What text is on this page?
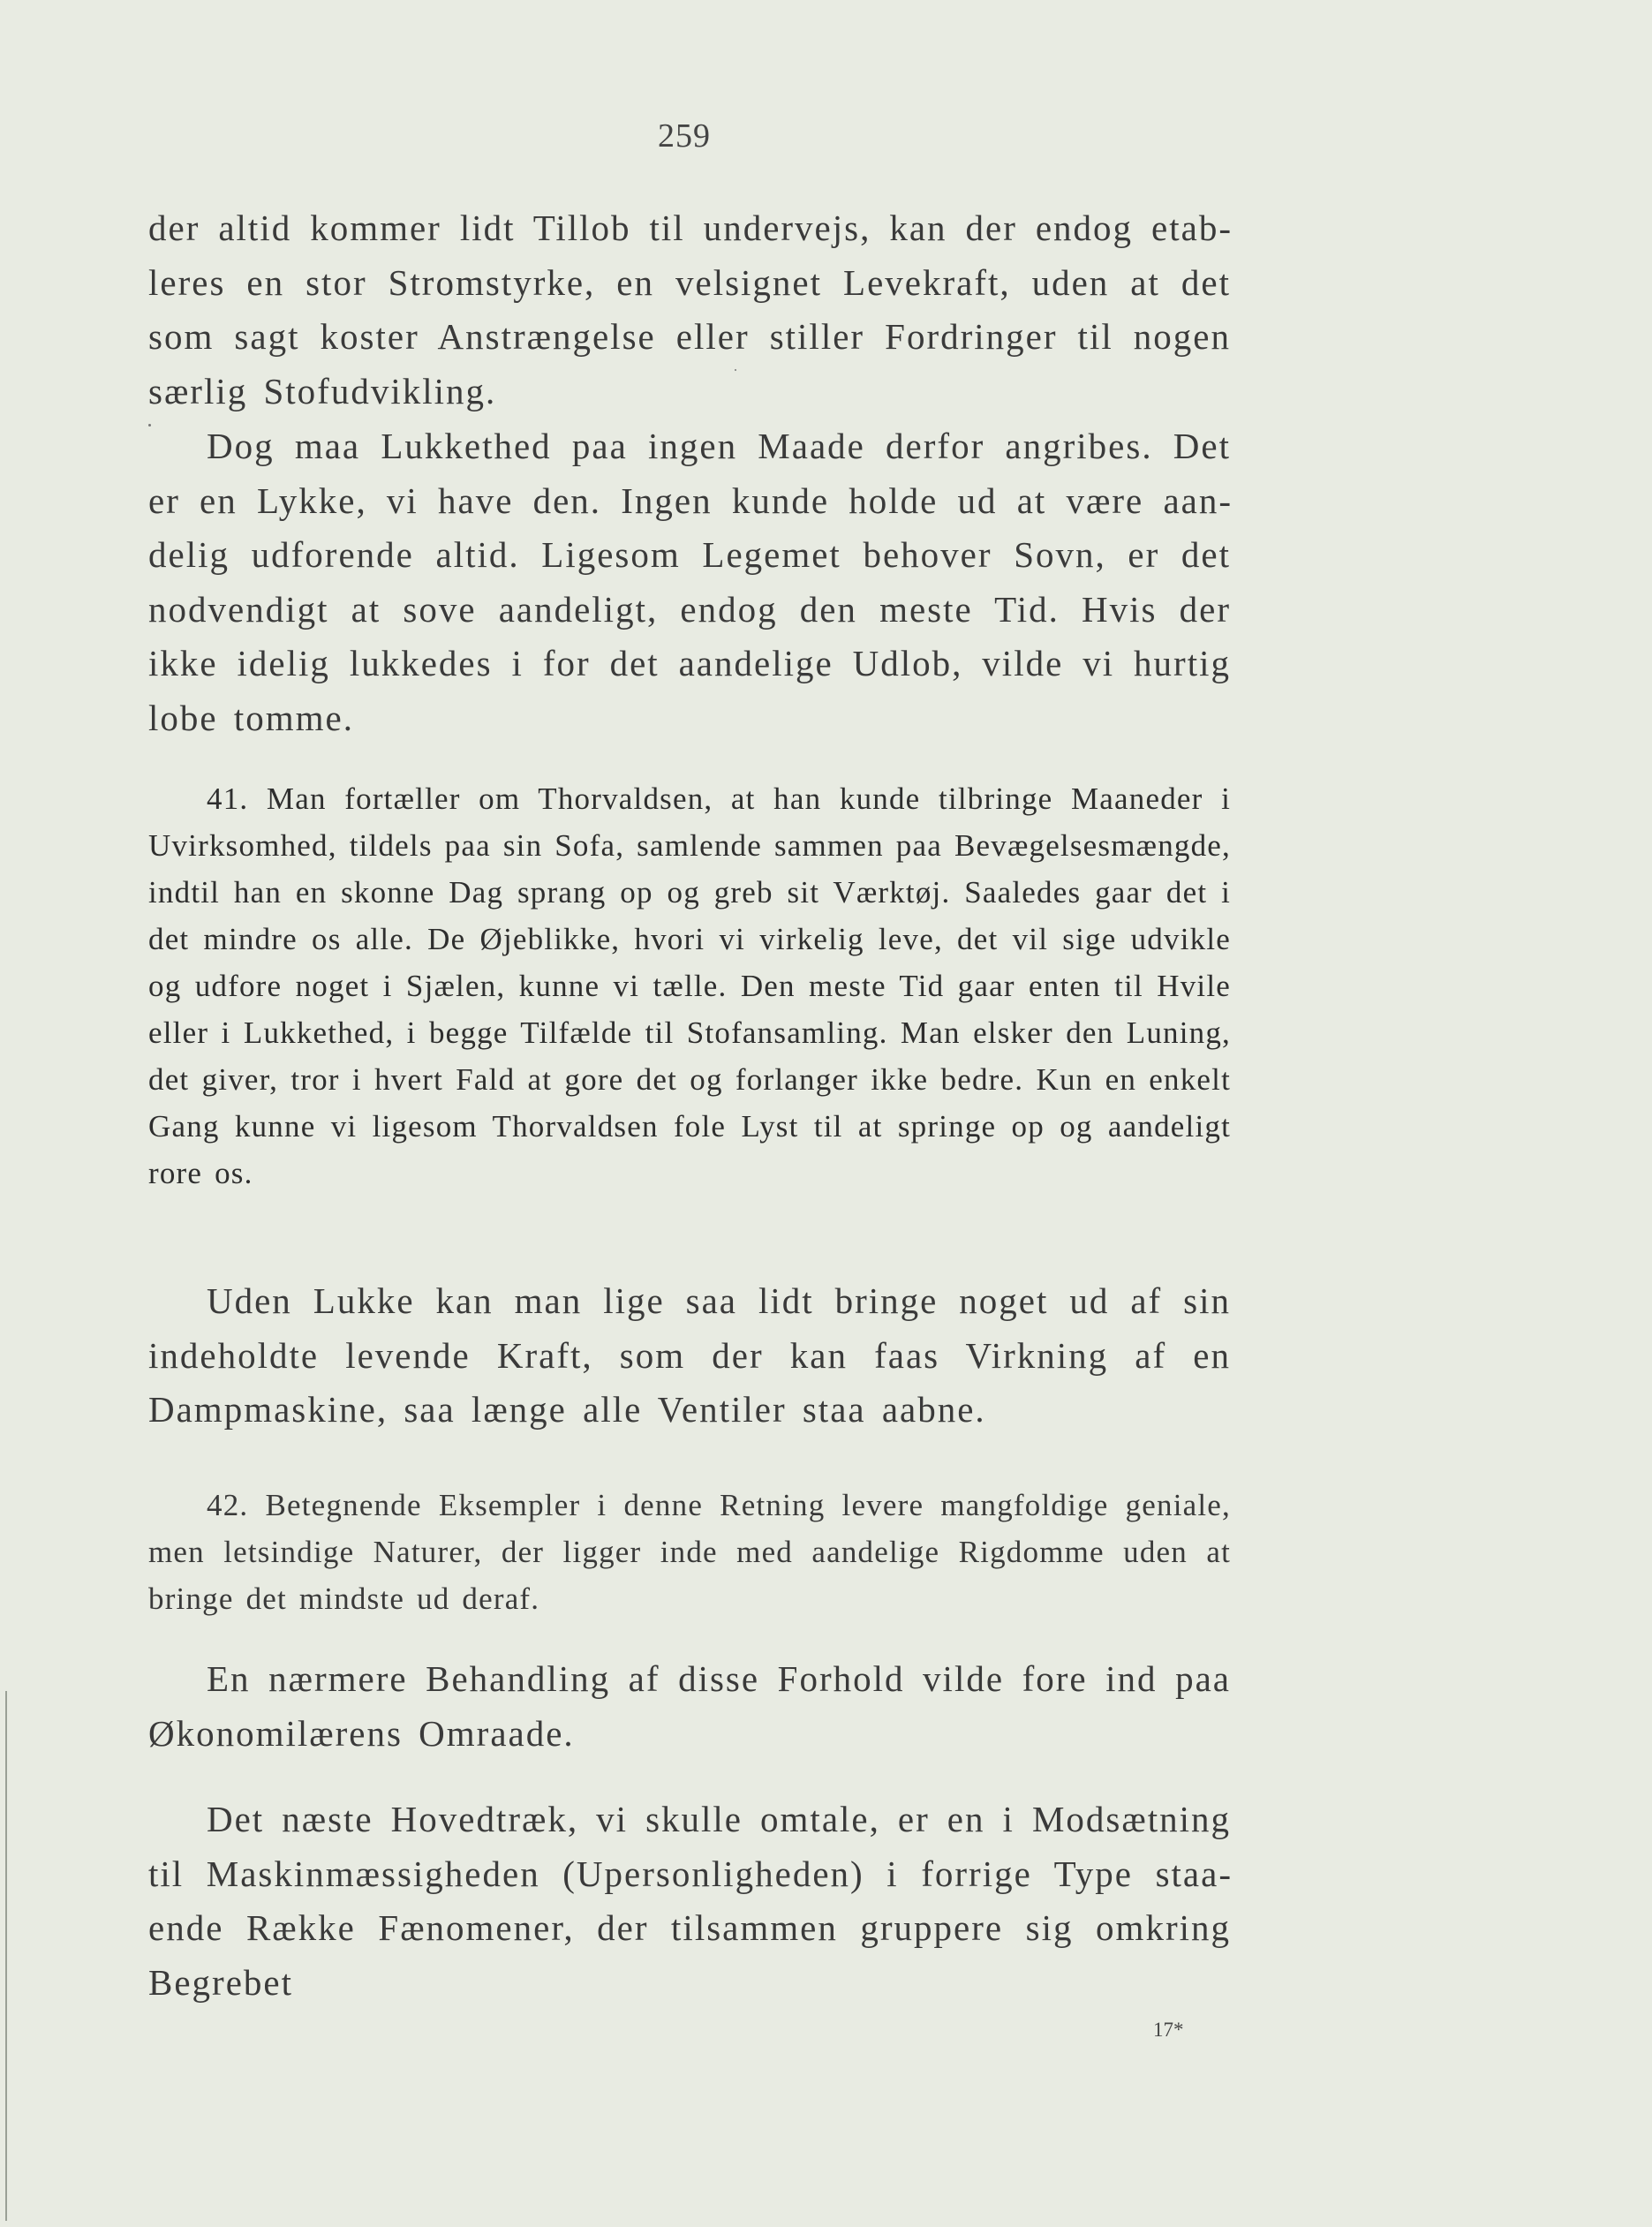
259

der altid kommer lidt Tillob til undervejs, kan der endog etableres en stor Stromstyrke, en velsignet Levekraft, uden at det som sagt koster Anstrængelse eller stiller Fordringer til nogen særlig Stofudvikling.

Dog maa Lukkethed paa ingen Maade derfor angribes. Det er en Lykke, vi have den. Ingen kunde holde ud at være aandelig udforende altid. Ligesom Legemet behover Sovn, er det nodvendigt at sove aandeligt, endog den meste Tid. Hvis der ikke idelig lukkedes i for det aandelige Udlob, vilde vi hurtig lobe tomme.

41. Man fortæller om Thorvaldsen, at han kunde tilbringe Maaneder i Uvirksomhed, tildels paa sin Sofa, samlende sammen paa Bevægelsesmængde, indtil han en skonne Dag sprang op og greb sit Værktøj. Saaledes gaar det i det mindre os alle. De Øjeblikke, hvori vi virkelig leve, det vil sige udvikle og udfore noget i Sjælen, kunne vi tælle. Den meste Tid gaar enten til Hvile eller i Lukkethed, i begge Tilfælde til Stofansamling. Man elsker den Luning, det giver, tror i hvert Fald at gore det og forlanger ikke bedre. Kun en enkelt Gang kunne vi ligesom Thorvaldsen fole Lyst til at springe op og aandeligt rore os.

Uden Lukke kan man lige saa lidt bringe noget ud af sin indeholdte levende Kraft, som der kan faas Virkning af en Dampmaskine, saa længe alle Ventiler staa aabne.

42. Betegnende Eksempler i denne Retning levere mangfoldige geniale, men letsindige Naturer, der ligger inde med aandelige Rigdomme uden at bringe det mindste ud deraf.

En nærmere Behandling af disse Forhold vilde fore ind paa Økonomilærens Omraade.

Det næste Hovedtræk, vi skulle omtale, er en i Modsætning til Maskinmæssigheden (Upersonligheden) i forrige Type staaende Række Fænomener, der tilsammen gruppere sig omkring Begrebet

17*
